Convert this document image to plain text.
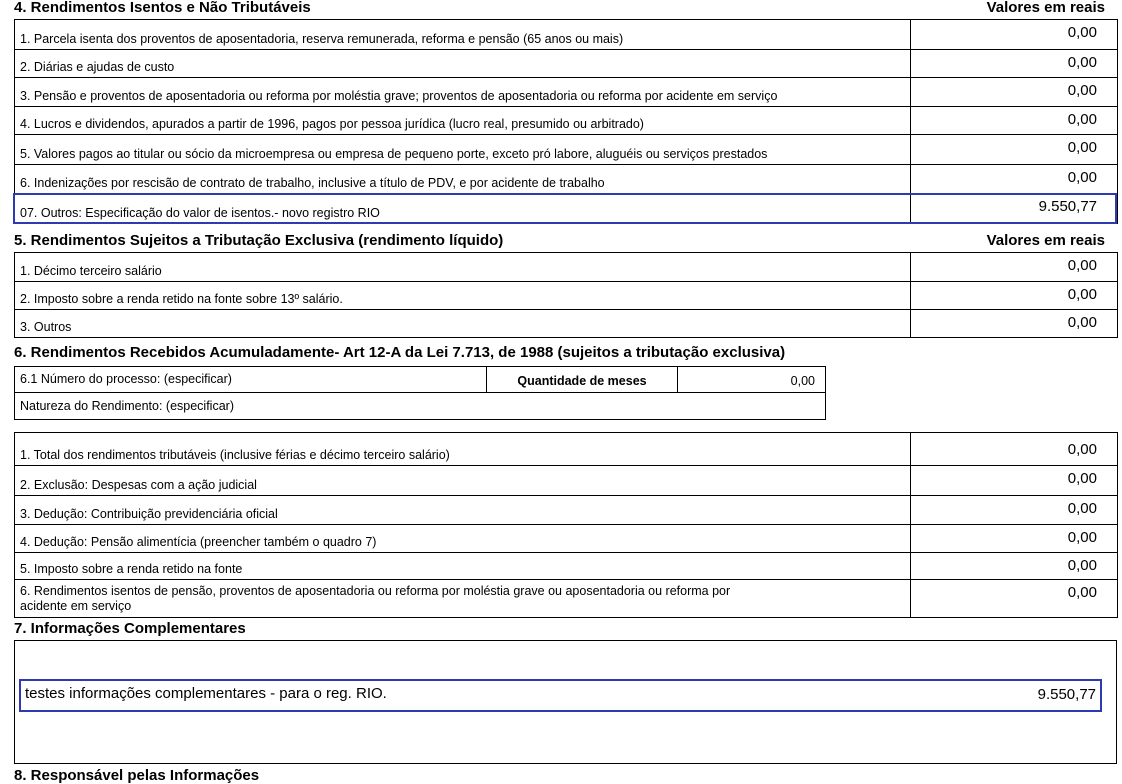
4. Rendimentos Isentos e Não Tributáveis	Valores em reais
1. Parcela isenta dos proventos de aposentadoria, reserva remunerada, reforma e pensão (65 anos ou mais)	0,00

2. Diárias e ajudas de custo	0,00

3. Pensão e proventos de aposentadoria ou reforma por moléstia grave; proventos de aposentadoria ou reforma por acidente em serviço	0,00

4. Lucros e dividendos, apurados a partir de 1996, pagos por pessoa jurídica (lucro real, presumido ou arbitrado)	0,00

5. Valores pagos ao titular ou sócio da microempresa ou empresa de pequeno porte, exceto pró labore, aluguéis ou serviços prestados	0,00

6. Indenizações por rescisão de contrato de trabalho, inclusive a título de PDV, e por acidente de trabalho	0,00

07. Outros: Especificação do valor de isentos.- novo registro RIO	9.550,77
5. Rendimentos Sujeitos a Tributação Exclusiva (rendimento líquido)	Valores em reais
1. Décimo terceiro salário	0,00

2. Imposto sobre a renda retido na fonte sobre 13º salário.	0,00

3. Outros	0,00
6. Rendimentos Recebidos Acumuladamente- Art 12-A da Lei 7.713, de 1988 (sujeitos a tributação exclusiva)
6.1 Número do processo: (especificar)	Quantidade de meses	0,00

Natureza do Rendimento: (especificar)
1. Total dos rendimentos tributáveis (inclusive férias e décimo terceiro salário)	0,00

2. Exclusão: Despesas com a ação judicial	0,00

3. Dedução: Contribuição previdenciária oficial	0,00

4. Dedução: Pensão alimentícia (preencher também o quadro 7)	0,00

5. Imposto sobre a renda retido na fonte	0,00

6. Rendimentos isentos de pensão, proventos de aposentadoria ou reforma por moléstia grave ou aposentadoria ou reforma por
acidente em serviço	0,00
7. Informações Complementares
testes informações complementares - para o reg. RIO.	9.550,77
8. Responsável pelas Informações
